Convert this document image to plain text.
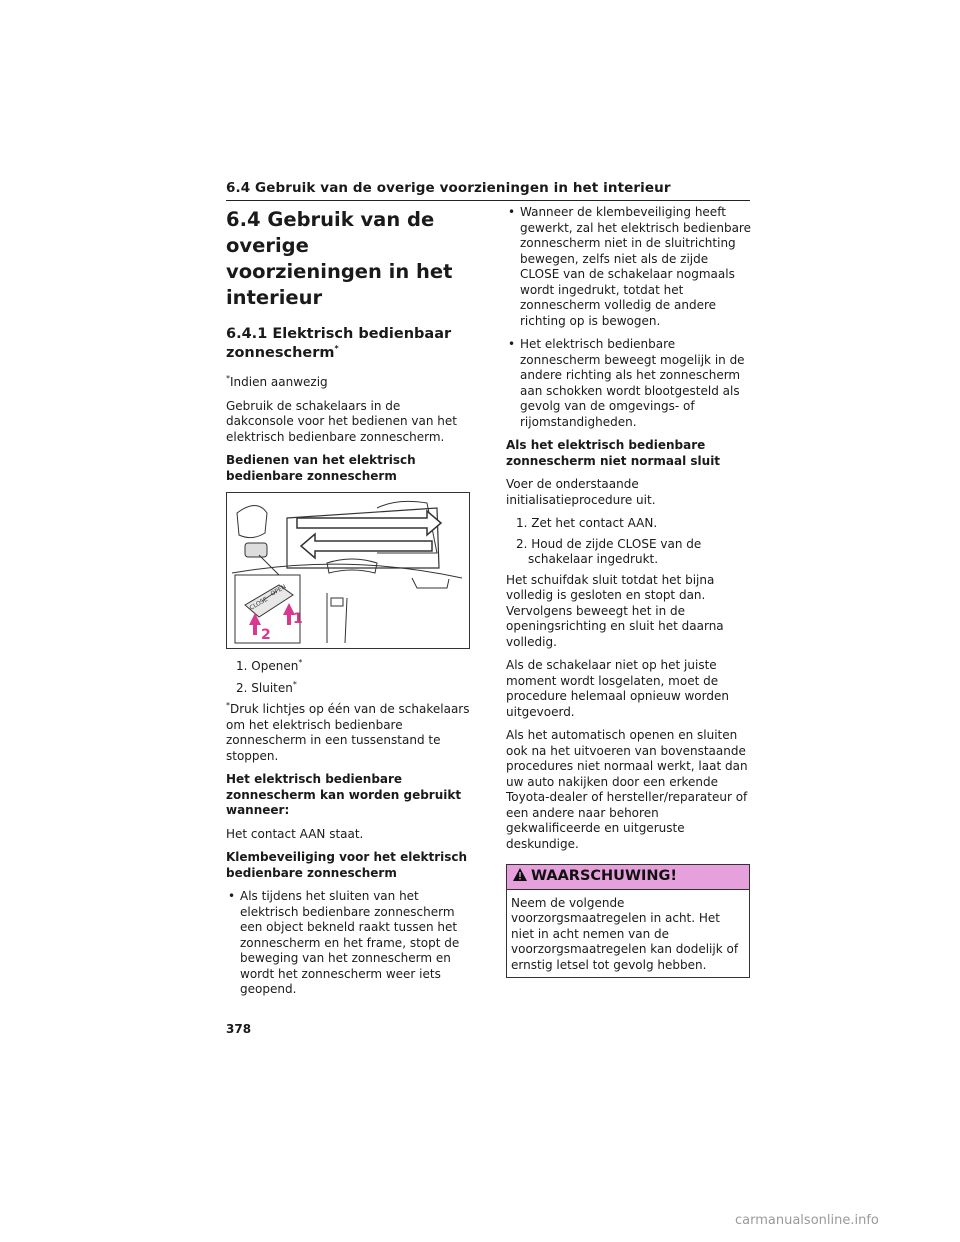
6.4 Gebruik van de overige voorzieningen in het interieur
6.4 Gebruik van de overige voorzieningen in het interieur
6.4.1 Elektrisch bedienbaar zonnescherm*

*Indien aanwezig

Gebruik de schakelaars in de dakconsole voor het bedienen van het elektrisch bedienbare zonnescherm.

Bedienen van het elektrisch bedienbare zonnescherm

OPEN
CLOSE
1
2

1. Openen*

2. Sluiten*

*Druk lichtjes op één van de schakelaars om het elektrisch bedienbare zonnescherm in een tussenstand te stoppen.

Het elektrisch bedienbare zonnescherm kan worden gebruikt wanneer:

Het contact AAN staat.

Klembeveiliging voor het elektrisch bedienbare zonnescherm

• Als tijdens het sluiten van het elektrisch bedienbare zonnescherm een object bekneld raakt tussen het zonnescherm en het frame, stopt de beweging van het zonnescherm en wordt het zonnescherm weer iets geopend.
• Wanneer de klembeveiliging heeft gewerkt, zal het elektrisch bedienbare zonnescherm niet in de sluitrichting bewegen, zelfs niet als de zijde CLOSE van de schakelaar nogmaals wordt ingedrukt, totdat het zonnescherm volledig de andere richting op is bewogen.
• Het elektrisch bedienbare zonnescherm beweegt mogelijk in de andere richting als het zonnescherm aan schokken wordt blootgesteld als gevolg van de omgevings- of rijomstandigheden.

Als het elektrisch bedienbare zonnescherm niet normaal sluit

Voer de onderstaande initialisatieprocedure uit.

1. Zet het contact AAN.

2. Houd de zijde CLOSE van de schakelaar ingedrukt.

Het schuifdak sluit totdat het bijna volledig is gesloten en stopt dan. Vervolgens beweegt het in de openingsrichting en sluit het daarna volledig.

Als de schakelaar niet op het juiste moment wordt losgelaten, moet de procedure helemaal opnieuw worden uitgevoerd.

Als het automatisch openen en sluiten ook na het uitvoeren van bovenstaande procedures niet normaal werkt, laat dan uw auto nakijken door een erkende Toyota-dealer of hersteller/reparateur of een andere naar behoren gekwalificeerde en uitgeruste deskundige.

WAARSCHUWING!
Neem de volgende voorzorgsmaatregelen in acht. Het niet in acht nemen van de voorzorgsmaatregelen kan dodelijk of ernstig letsel tot gevolg hebben.
378
carmanualsonline.info
